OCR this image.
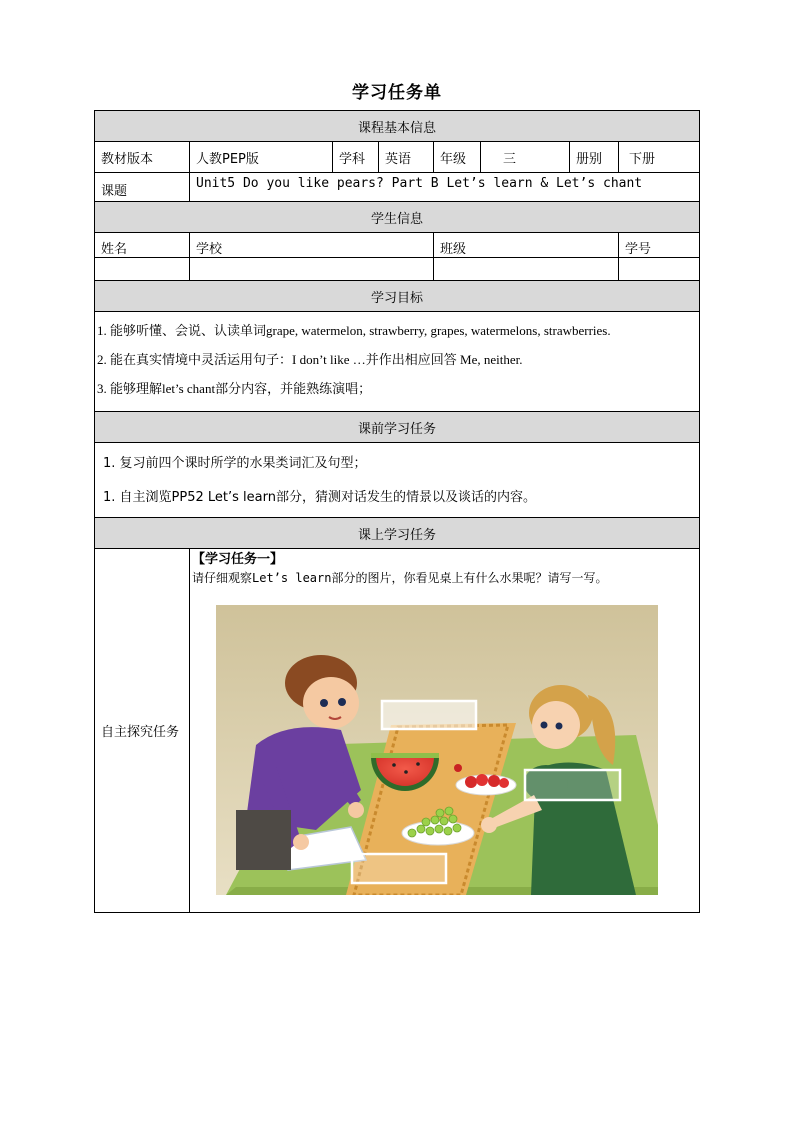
学习任务单
课程基本信息							
教材版本	人教PEP版	学科	英语	年级	三	册别	下册
课题	Unit5 Do you like pears? Part B Let’s learn & Let’s chant						
学生信息							
姓名	学校			班级			学号

学习目标							

1. 能够听懂、会说、认读单词grape, watermelon, strawberry, grapes, watermelons, strawberries.
2. 能在真实情境中灵活运用句子：I don’t like …并作出相应回答 Me, neither.
3. 能够理解let’s chant部分内容，并能熟练演唱；							

课前学习任务							

1. 复习前四个课时所学的水果类词汇及句型；
1. 自主浏览PP52 Let’s learn部分，猜测对话发生的情景以及谈话的内容。							

课上学习任务							
自主探究任务	【学习任务一】
请仔细观察Let’s learn部分的图片，你看见桌上有什么水果呢？请写一写。						
